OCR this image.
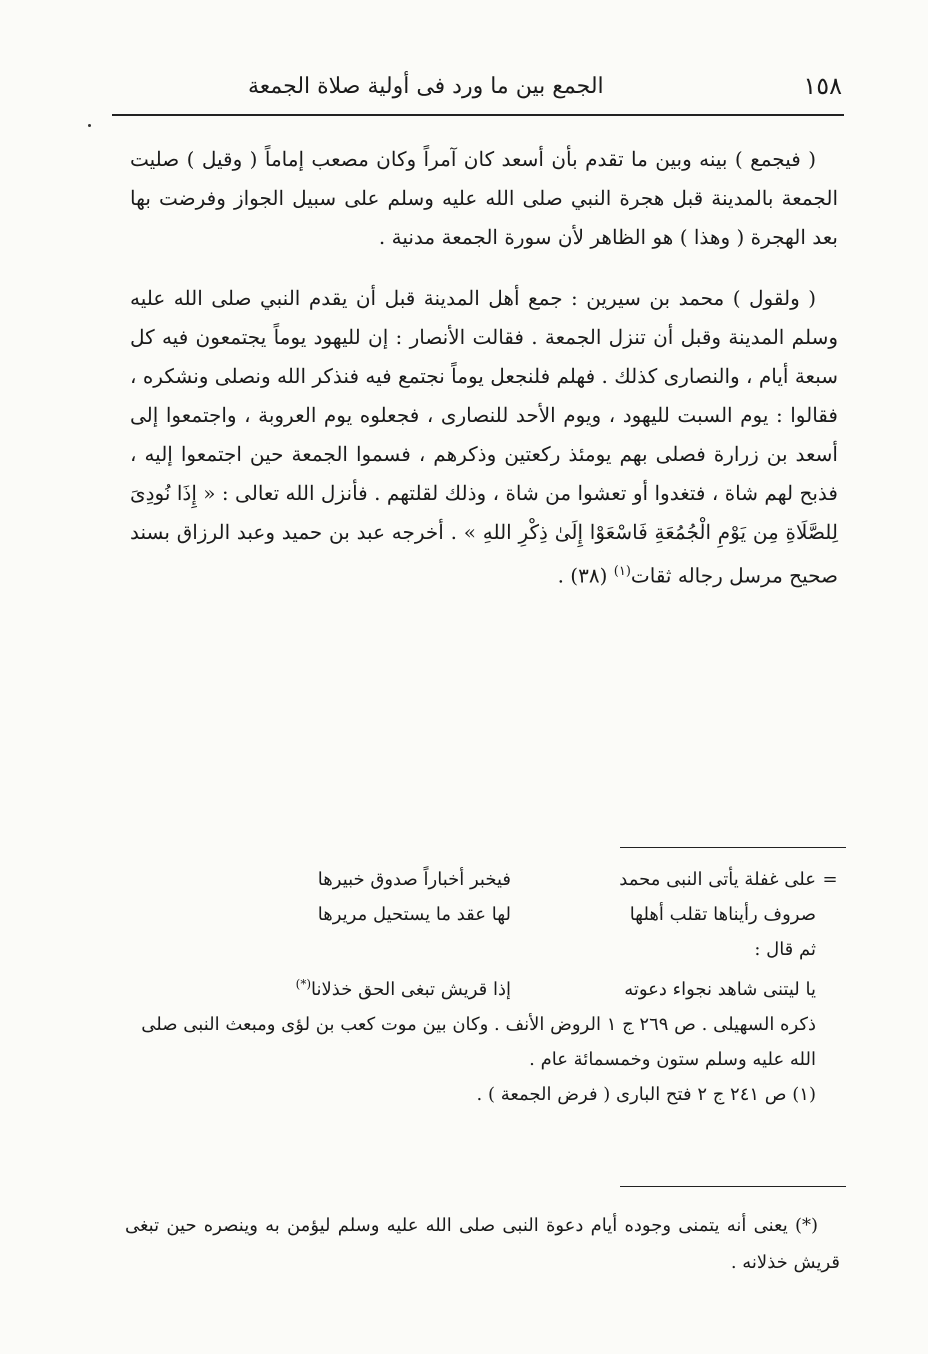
١٥٨
الجمع بين ما ورد فى أولية صلاة الجمعة

( فيجمع ) بينه وبين ما تقدم بأن أسعد كان آمراً وكان مصعب إماماً ( وقيل ) صليت الجمعة بالمدينة قبل هجرة النبي صلى الله عليه وسلم على سبيل الجواز وفرضت بها بعد الهجرة ( وهذا ) هو الظاهر لأن سورة الجمعة مدنية .

( ولقول ) محمد بن سيرين : جمع أهل المدينة قبل أن يقدم النبي صلى الله عليه وسلم المدينة وقبل أن تنزل الجمعة . فقالت الأنصار : إن لليهود يوماً يجتمعون فيه كل سبعة أيام ، والنصارى كذلك . فهلم فلنجعل يوماً نجتمع فيه فنذكر الله ونصلى ونشكره ، فقالوا : يوم السبت لليهود ، ويوم الأحد للنصارى ، فجعلوه يوم العروبة ، واجتمعوا إلى أسعد بن زرارة فصلى بهم يومئذ ركعتين وذكرهم ، فسموا الجمعة حين اجتمعوا إليه ، فذبح لهم شاة ، فتغدوا أو تعشوا من شاة ، وذلك لقلتهم . فأنزل الله تعالى : « إِذَا نُودِىَ لِلصَّلَاةِ مِن يَوْمِ الْجُمُعَةِ فَاسْعَوْا إِلَىٰ ذِكْرِ اللهِ » . أخرجه عبد بن حميد وعبد الرزاق بسند صحيح مرسل رجاله ثقات$^{(١)}$ (٣٨) .

=
على غفلة يأتى النبى محمد
فيخبر أخباراً صدوق خبيرها
صروف رأيناها تقلب أهلها
لها عقد ما يستحيل مريرها

ثم قال :

يا ليتنى شاهد نجواء دعوته
إذا قريش تبغى الحق خذلانا(*)

ذكره السهيلى . ص ٢٦٩ ج ١ الروض الأنف . وكان بين موت كعب بن لؤى ومبعث النبى صلى الله عليه وسلم ستون وخمسمائة عام .

(١) ص ٢٤١ ج ٢ فتح البارى ( فرض الجمعة ) .

(*) يعنى أنه يتمنى وجوده أيام دعوة النبى صلى الله عليه وسلم ليؤمن به وينصره حين تبغى قريش خذلانه .
